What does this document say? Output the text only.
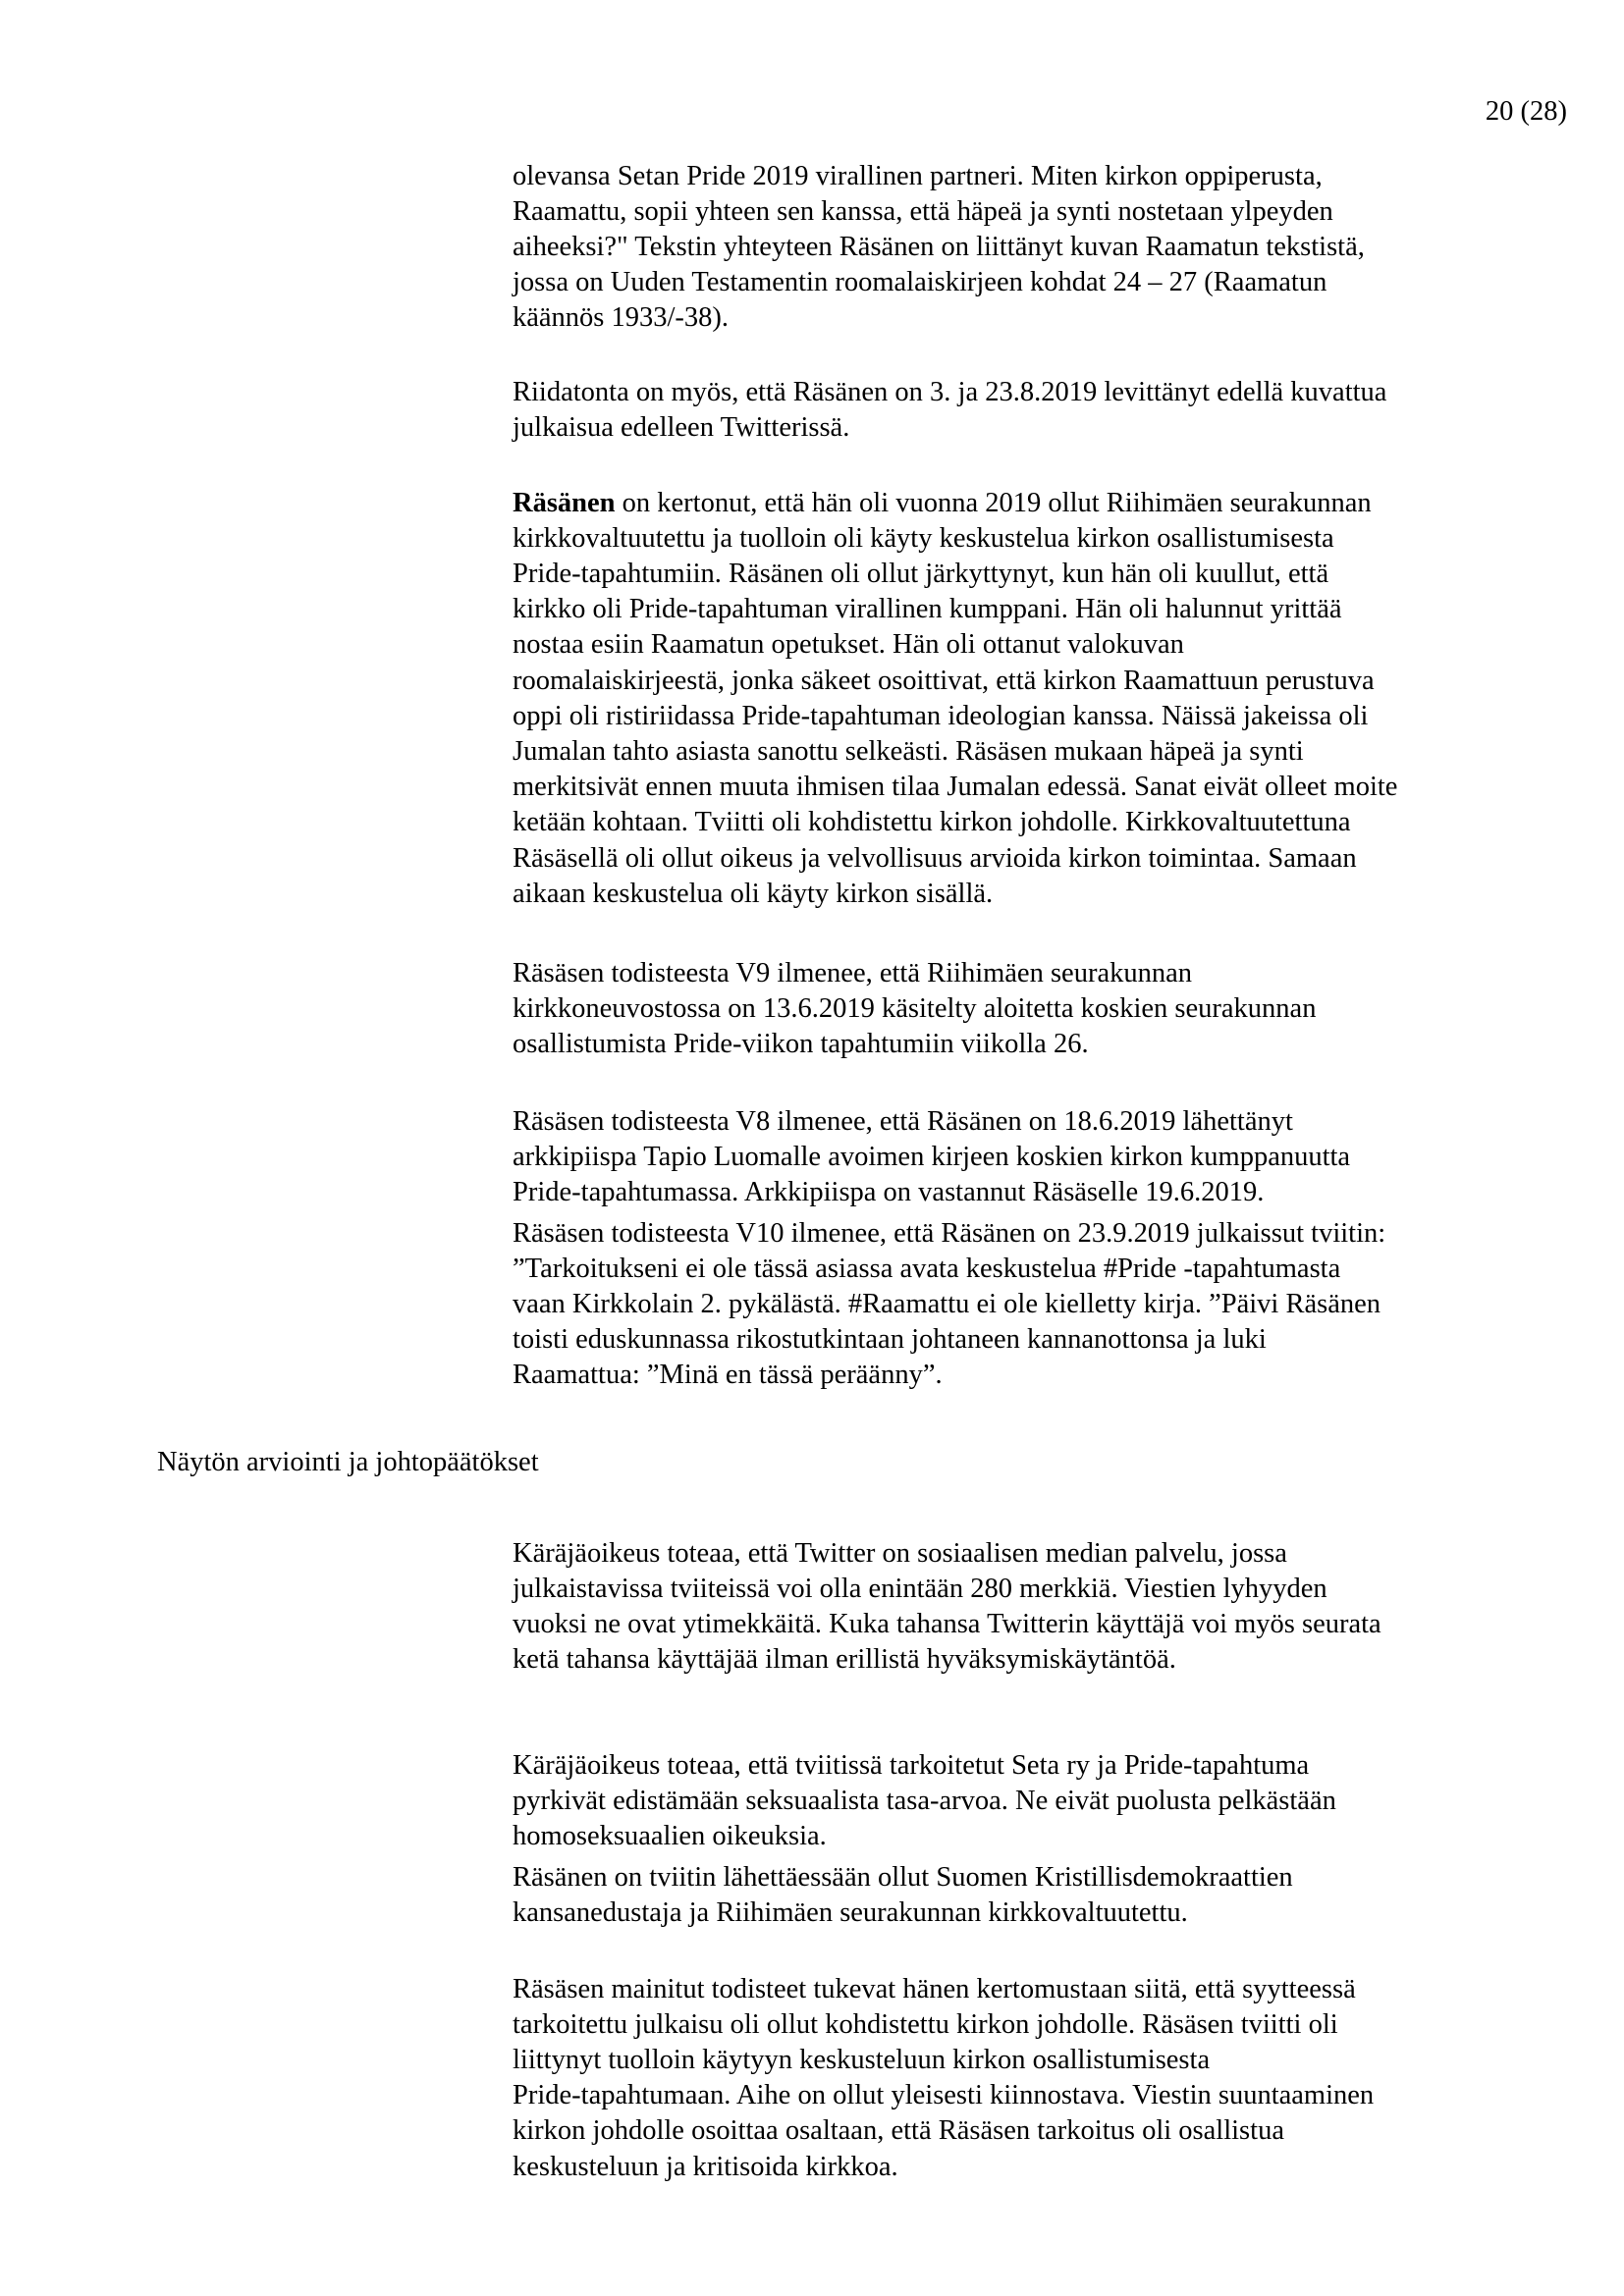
20 (28)

olevansa Setan Pride 2019 virallinen partneri. Miten kirkon oppiperusta,
Raamattu, sopii yhteen sen kanssa, että häpeä ja synti nostetaan ylpeyden
aiheeksi?" Tekstin yhteyteen Räsänen on liittänyt kuvan Raamatun tekstistä,
jossa on Uuden Testamentin roomalaiskirjeen kohdat 24 – 27 (Raamatun
käännös 1933/-38).

Riidatonta on myös, että Räsänen on 3. ja 23.8.2019 levittänyt edellä kuvattua
julkaisua edelleen Twitterissä.

Räsänen on kertonut, että hän oli vuonna 2019 ollut Riihimäen seurakunnan
kirkkovaltuutettu ja tuolloin oli käyty keskustelua kirkon osallistumisesta
Pride-tapahtumiin. Räsänen oli ollut järkyttynyt, kun hän oli kuullut, että
kirkko oli Pride-tapahtuman virallinen kumppani. Hän oli halunnut yrittää
nostaa esiin Raamatun opetukset. Hän oli ottanut valokuvan
roomalaiskirjeestä, jonka säkeet osoittivat, että kirkon Raamattuun perustuva
oppi oli ristiriidassa Pride-tapahtuman ideologian kanssa. Näissä jakeissa oli
Jumalan tahto asiasta sanottu selkeästi. Räsäsen mukaan häpeä ja synti
merkitsivät ennen muuta ihmisen tilaa Jumalan edessä. Sanat eivät olleet moite
ketään kohtaan. Tviitti oli kohdistettu kirkon johdolle. Kirkkovaltuutettuna
Räsäsellä oli ollut oikeus ja velvollisuus arvioida kirkon toimintaa. Samaan
aikaan keskustelua oli käyty kirkon sisällä.

Räsäsen todisteesta V9 ilmenee, että Riihimäen seurakunnan
kirkkoneuvostossa on 13.6.2019 käsitelty aloitetta koskien seurakunnan
osallistumista Pride-viikon tapahtumiin viikolla 26.

Räsäsen todisteesta V8 ilmenee, että Räsänen on 18.6.2019 lähettänyt
arkkipiispa Tapio Luomalle avoimen kirjeen koskien kirkon kumppanuutta
Pride-tapahtumassa. Arkkipiispa on vastannut Räsäselle 19.6.2019.

Räsäsen todisteesta V10 ilmenee, että Räsänen on 23.9.2019 julkaissut tviitin:
”Tarkoitukseni ei ole tässä asiassa avata keskustelua #Pride -tapahtumasta
vaan Kirkkolain 2. pykälästä. #Raamattu ei ole kielletty kirja. ”Päivi Räsänen
toisti eduskunnassa rikostutkintaan johtaneen kannanottonsa ja luki
Raamattua: ”Minä en tässä peräänny”.

Näytön arviointi ja johtopäätökset

Käräjäoikeus toteaa, että Twitter on sosiaalisen median palvelu, jossa
julkaistavissa tviiteissä voi olla enintään 280 merkkiä. Viestien lyhyyden
vuoksi ne ovat ytimekkäitä. Kuka tahansa Twitterin käyttäjä voi myös seurata
ketä tahansa käyttäjää ilman erillistä hyväksymiskäytäntöä.

Käräjäoikeus toteaa, että tviitissä tarkoitetut Seta ry ja Pride-tapahtuma
pyrkivät edistämään seksuaalista tasa-arvoa. Ne eivät puolusta pelkästään
homoseksuaalien oikeuksia.

Räsänen on tviitin lähettäessään ollut Suomen Kristillisdemokraattien
kansanedustaja ja Riihimäen seurakunnan kirkkovaltuutettu.

Räsäsen mainitut todisteet tukevat hänen kertomustaan siitä, että syytteessä
tarkoitettu julkaisu oli ollut kohdistettu kirkon johdolle. Räsäsen tviitti oli
liittynyt tuolloin käytyyn keskusteluun kirkon osallistumisesta
Pride-tapahtumaan. Aihe on ollut yleisesti kiinnostava. Viestin suuntaaminen
kirkon johdolle osoittaa osaltaan, että Räsäsen tarkoitus oli osallistua
keskusteluun ja kritisoida kirkkoa.
